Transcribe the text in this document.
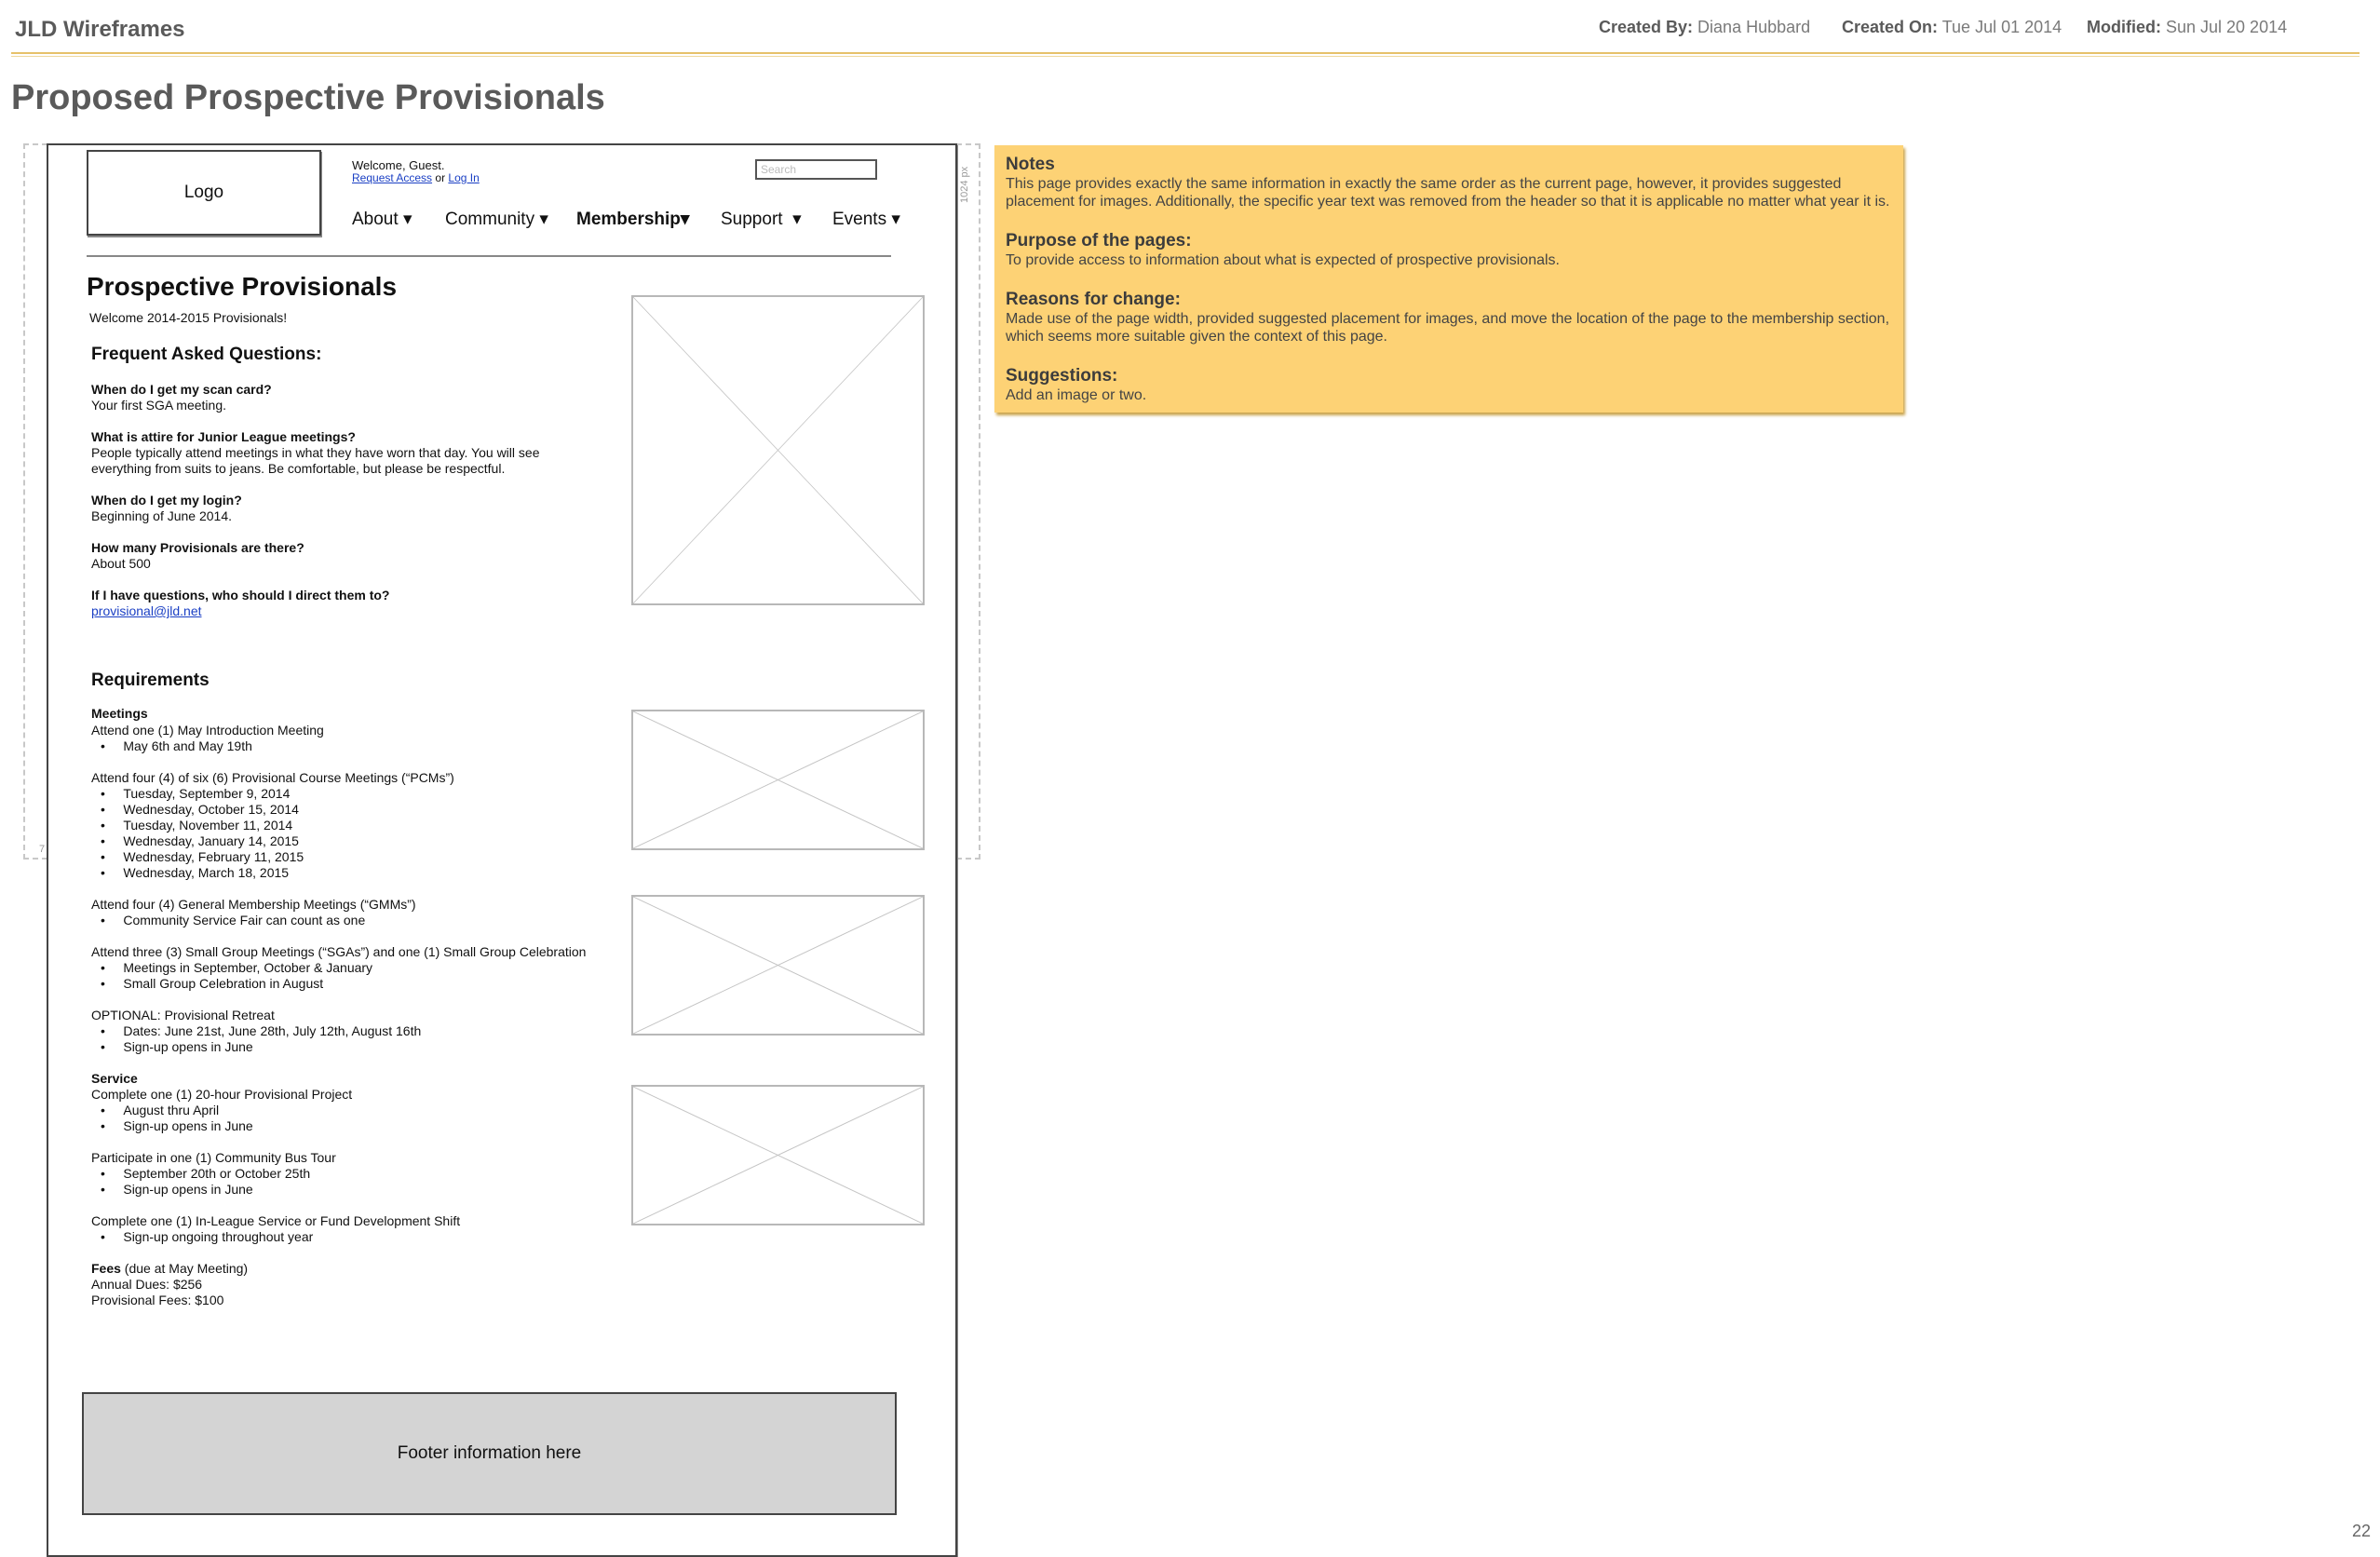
JLD Wireframes	Created By: Diana Hubbard Created On: Tue Jul 01 2014 Modified: Sun Jul 20 2014
Proposed Prospective Provisionals
7
1024 px
Logo
Welcome, Guest.
Request Access or Log In
Search
About ▾ Community ▾ Membership▾ Support ▾ Events ▾
Prospective Provisionals
Welcome 2014-2015 Provisionals!
Frequent Asked Questions:
When do I get my scan card?
Your first SGA meeting.
What is attire for Junior League meetings?
People typically attend meetings in what they have worn that day. You will see
everything from suits to jeans. Be comfortable, but please be respectful.
When do I get my login?
Beginning of June 2014.
How many Provisionals are there?
About 500
If I have questions, who should I direct them to?
provisional@jld.net
Requirements
Meetings
Attend one (1) May Introduction Meeting
•     May 6th and May 19th
Attend four (4) of six (6) Provisional Course Meetings (“PCMs”)
•     Tuesday, September 9, 2014
•     Wednesday, October 15, 2014
•     Tuesday, November 11, 2014
•     Wednesday, January 14, 2015
•     Wednesday, February 11, 2015
•     Wednesday, March 18, 2015
Attend four (4) General Membership Meetings (“GMMs”)
•     Community Service Fair can count as one
Attend three (3) Small Group Meetings (“SGAs”) and one (1) Small Group Celebration
•     Meetings in September, October & January
•     Small Group Celebration in August
OPTIONAL: Provisional Retreat
•     Dates: June 21st, June 28th, July 12th, August 16th
•     Sign-up opens in June
Service
Complete one (1) 20-hour Provisional Project
•     August thru April
•     Sign-up opens in June
Participate in one (1) Community Bus Tour
•     September 20th or October 25th
•     Sign-up opens in June
Complete one (1) In-League Service or Fund Development Shift
•     Sign-up ongoing throughout year
Fees (due at May Meeting)
Annual Dues: $256
Provisional Fees: $100
Footer information here

Notes

This page provides exactly the same information in exactly the same order as the current page, however, it provides suggested placement for images. Additionally, the specific year text was removed from the header so that it is applicable no matter what year it is.

Purpose of the pages:

To provide access to information about what is expected of prospective provisionals.

Reasons for change:

Made use of the page width, provided suggested placement for images, and move the location of the page to the membership section, which seems more suitable given the context of this page.

Suggestions:

Add an image or two.

22
